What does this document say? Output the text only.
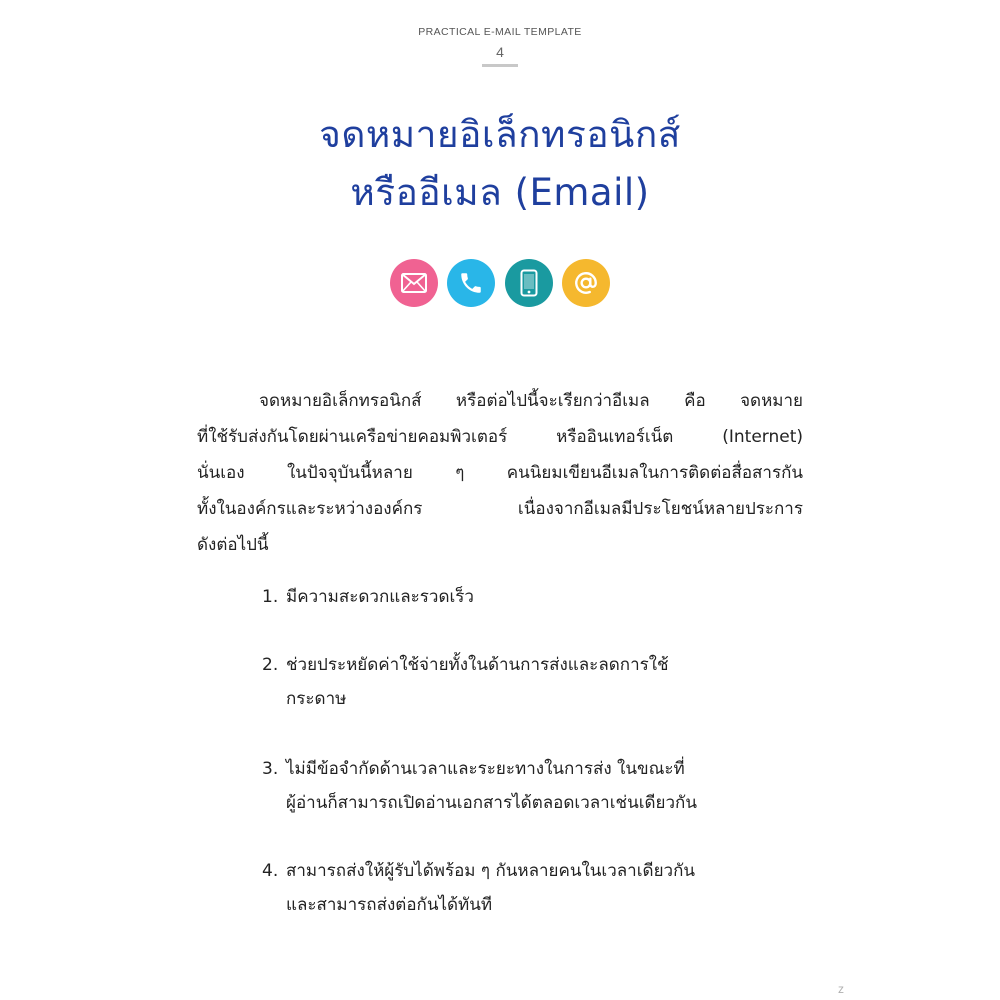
PRACTICAL E-MAIL TEMPLATE
4
จดหมายอิเล็กทรอนิกส์
หรืออีเมล (Email)
จดหมายอิเล็กทรอนิกส์ หรือต่อไปนี้จะเรียกว่าอีเมล คือ จดหมาย
ที่ใช้รับส่งกันโดยผ่านเครือข่ายคอมพิวเตอร์ หรืออินเทอร์เน็ต (Internet)
นั่นเอง ในปัจจุบันนี้หลาย ๆ คนนิยมเขียนอีเมลในการติดต่อสื่อสารกัน
ทั้งในองค์กรและระหว่างองค์กร เนื่องจากอีเมลมีประโยชน์หลายประการ
ดังต่อไปนี้
1. มีความสะดวกและรวดเร็ว
2. ช่วยประหยัดค่าใช้จ่ายทั้งในด้านการส่งและลดการใช้
กระดาษ
3. ไม่มีข้อจำกัดด้านเวลาและระยะทางในการส่ง ในขณะที่
ผู้อ่านก็สามารถเปิดอ่านเอกสารได้ตลอดเวลาเช่นเดียวกัน
4. สามารถส่งให้ผู้รับได้พร้อม ๆ กันหลายคนในเวลาเดียวกัน
และสามารถส่งต่อกันได้ทันที
z
